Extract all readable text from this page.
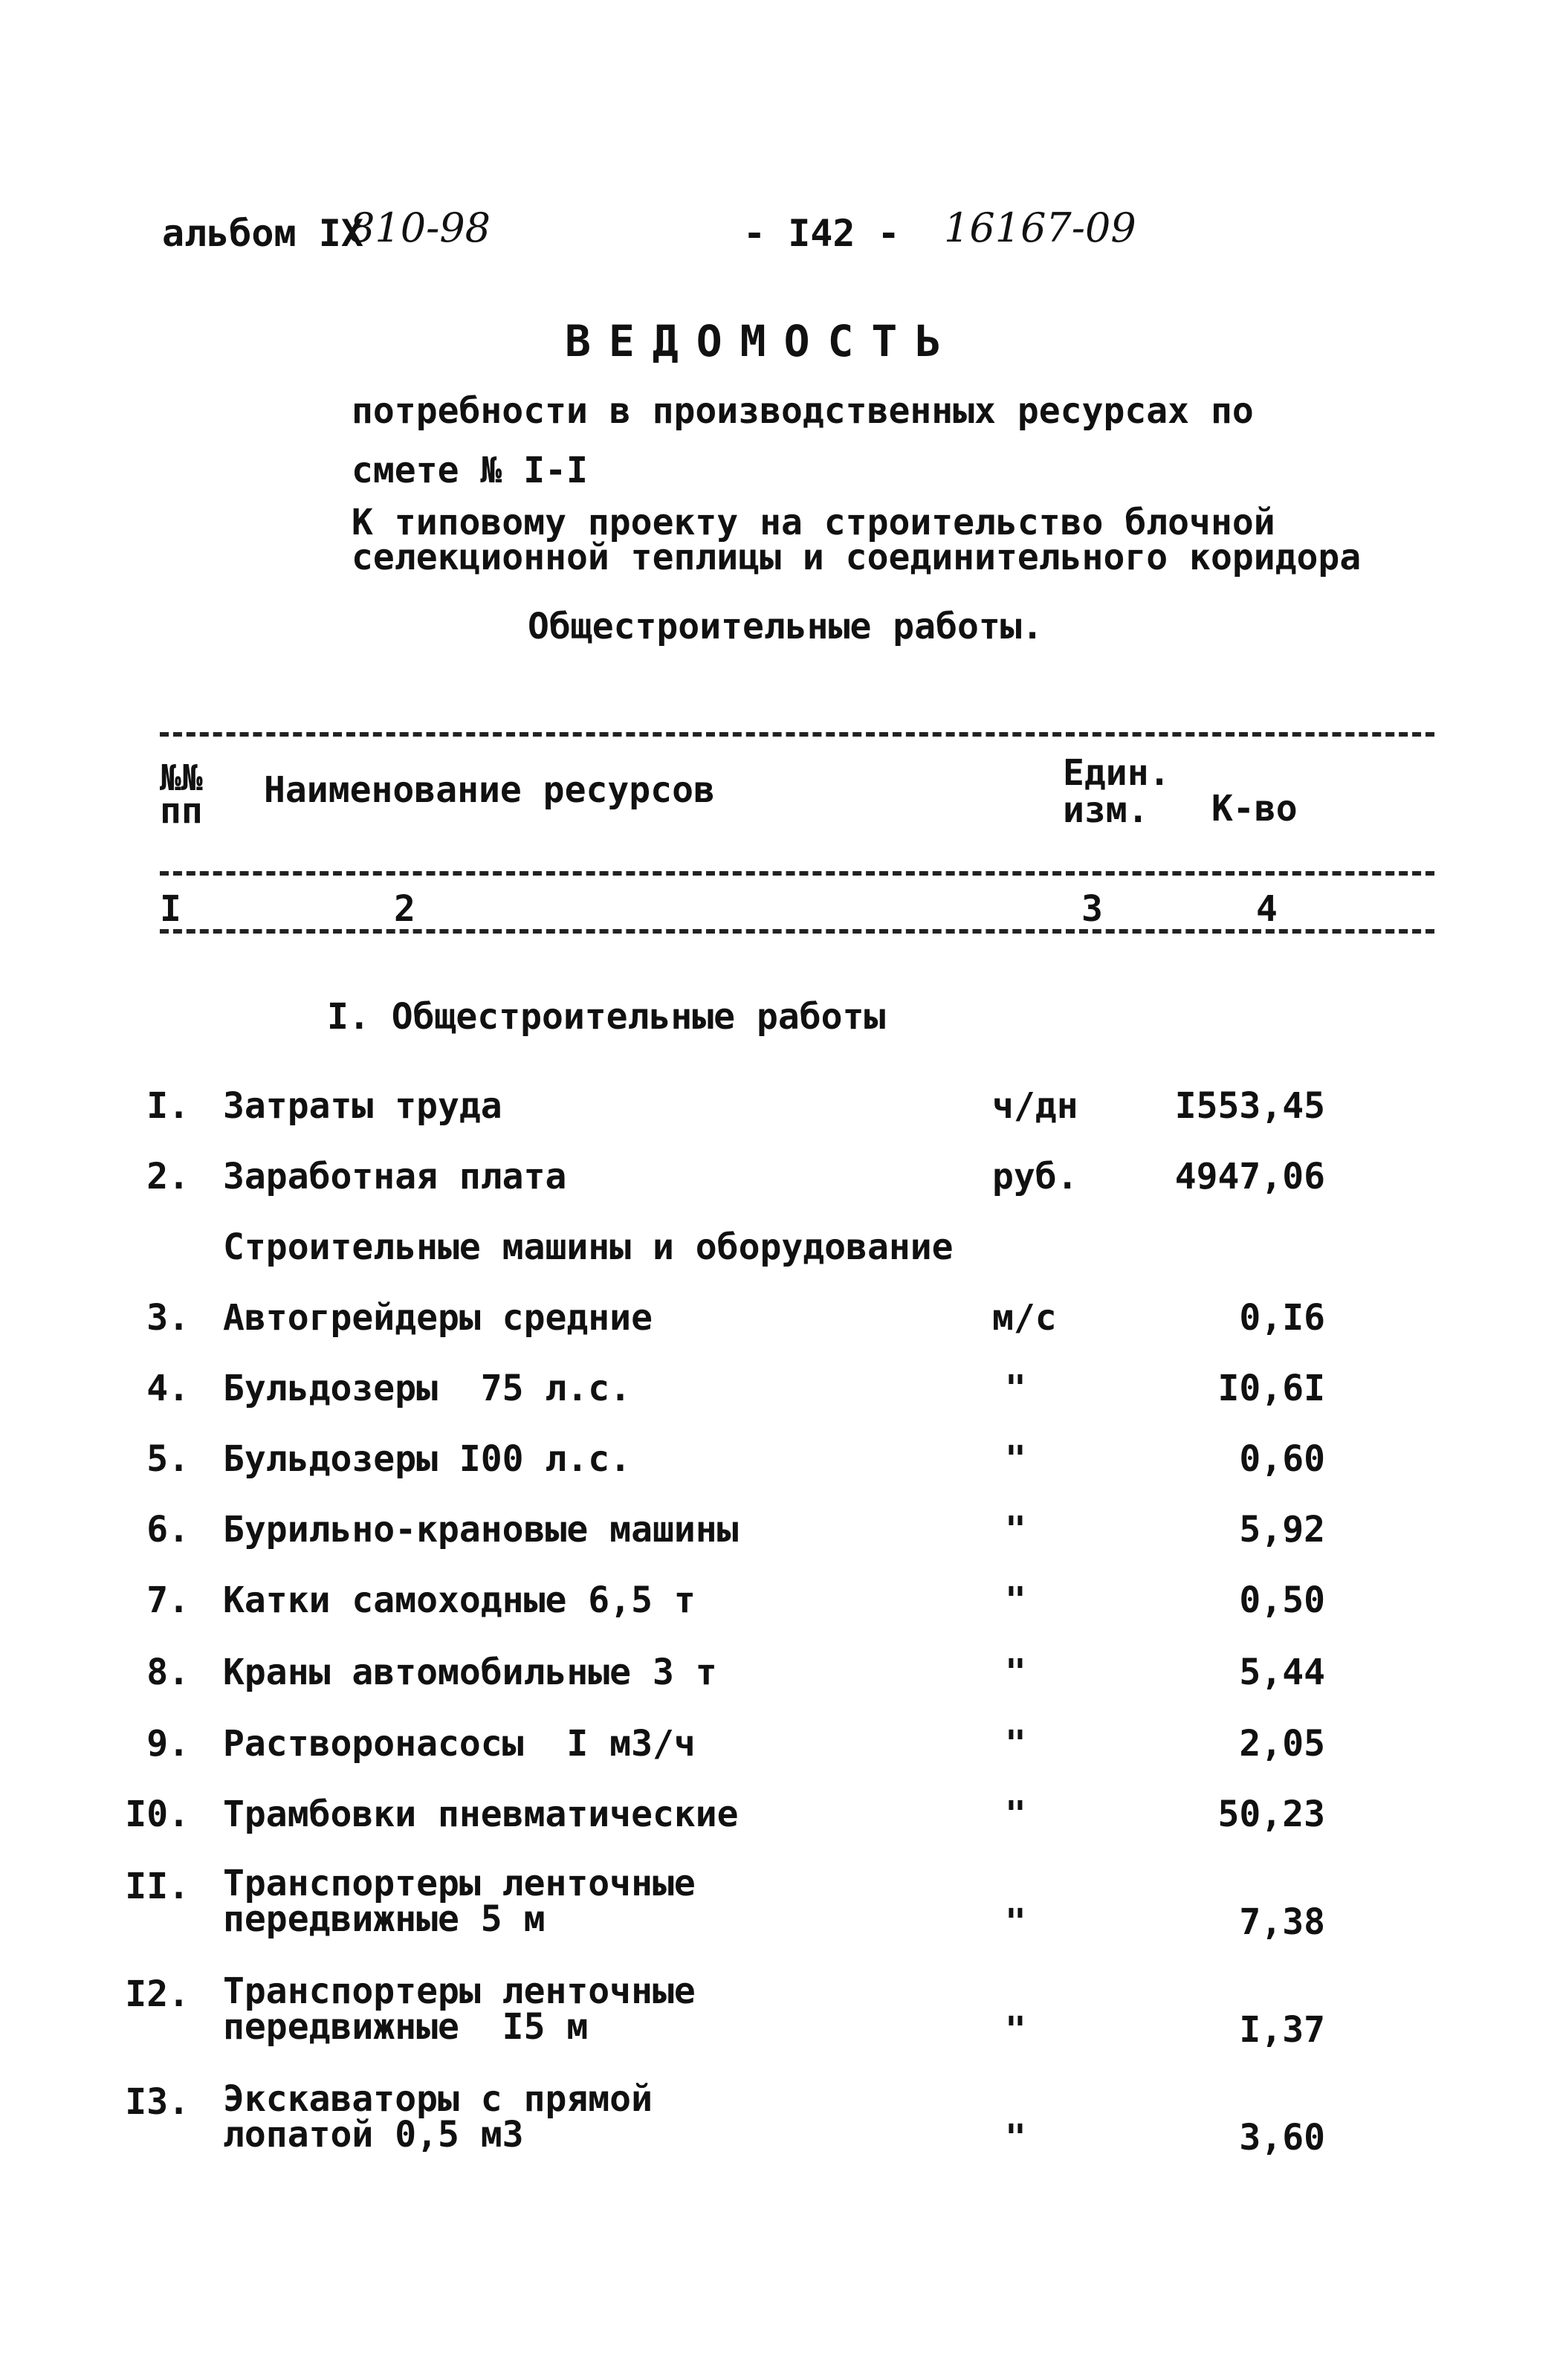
альбом IX
810-98	- I42 - 16167-09
ВЕДОМОСТЬ
потребности в производственных ресурсах по
смете № I-I
К типовому проекту на строительство блочной
селекционной теплицы и соединительного коридора
Общестроительные работы.
№№
пп Наименование ресурсов	Един.
изм.	К-во
I	2	3	4
I. Общестроительные работы
I. Затраты труда	ч/дн	I553,45
2. Заработная плата	руб.	4947,06
Строительные машины и оборудование
3. Автогрейдеры средние	м/с	0,I6
4. Бульдозеры  75 л.с.	"	I0,6I
5. Бульдозеры I00 л.с.	"	0,60
6. Бурильно-крановые машины	"	5,92
7. Катки самоходные 6,5 т	"	0,50
8. Краны автомобильные 3 т	"	5,44
9. Растворонасосы  I м3/ч	"	2,05
I0. Трамбовки пневматические	"	50,23
II. Транспортеры ленточные
передвижные 5 м	"	7,38
I2. Транспортеры ленточные
передвижные  I5 м	"	I,37
I3. Экскаваторы с прямой
лопатой 0,5 м3	"	3,60
